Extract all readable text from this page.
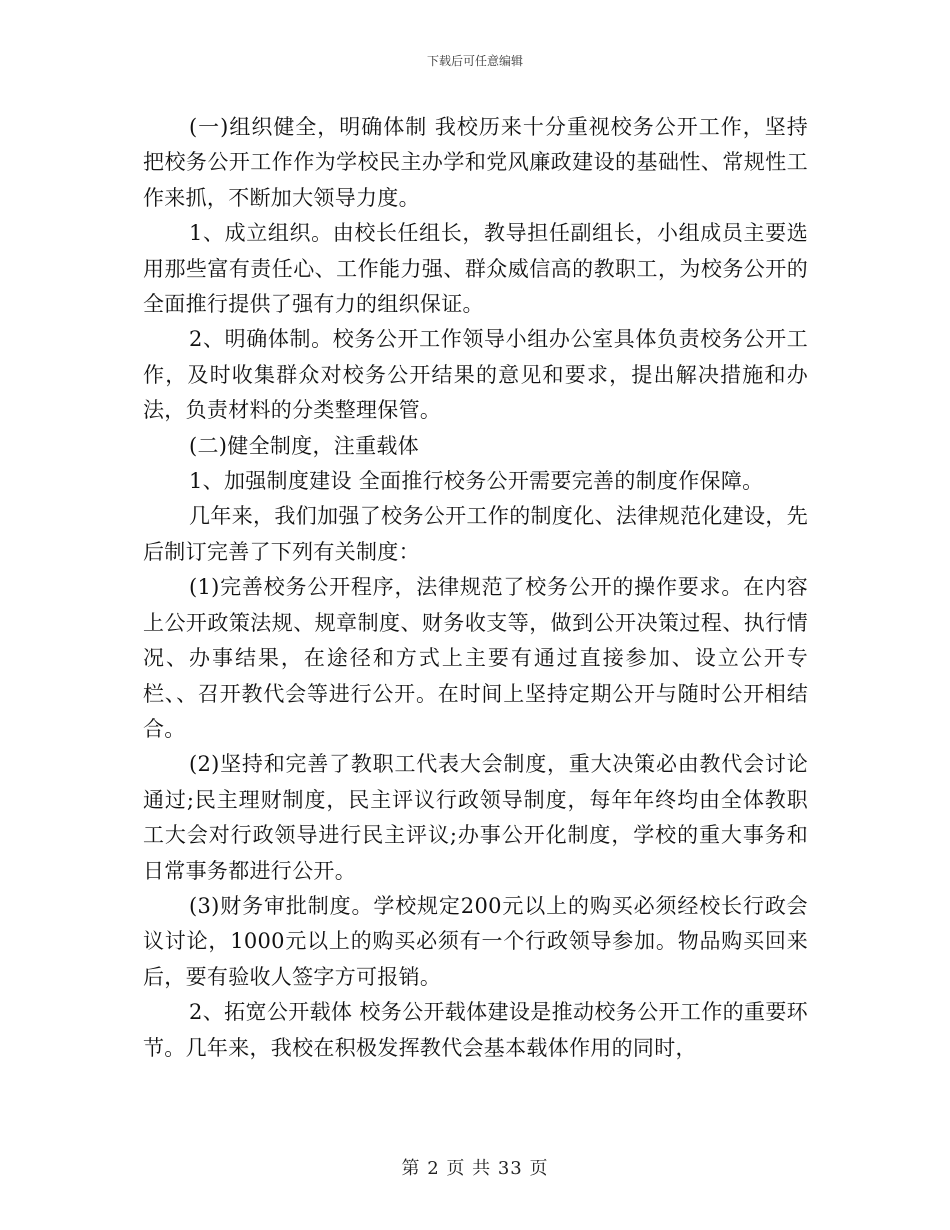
下载后可任意编辑

(一)组织健全，明确体制 我校历来十分重视校务公开工作，坚持把校务公开工作作为学校民主办学和党风廉政建设的基础性、常规性工作来抓，不断加大领导力度。

1、成立组织。由校长任组长，教导担任副组长，小组成员主要选用那些富有责任心、工作能力强、群众威信高的教职工，为校务公开的全面推行提供了强有力的组织保证。

2、明确体制。校务公开工作领导小组办公室具体负责校务公开工作，及时收集群众对校务公开结果的意见和要求，提出解决措施和办法，负责材料的分类整理保管。

(二)健全制度，注重载体

1、加强制度建设 全面推行校务公开需要完善的制度作保障。

几年来，我们加强了校务公开工作的制度化、法律规范化建设，先后制订完善了下列有关制度：

(1)完善校务公开程序，法律规范了校务公开的操作要求。在内容上公开政策法规、规章制度、财务收支等，做到公开决策过程、执行情况、办事结果，在途径和方式上主要有通过直接参加、设立公开专栏、、召开教代会等进行公开。在时间上坚持定期公开与随时公开相结合。

(2)坚持和完善了教职工代表大会制度，重大决策必由教代会讨论通过;民主理财制度，民主评议行政领导制度，每年年终均由全体教职工大会对行政领导进行民主评议;办事公开化制度，学校的重大事务和日常事务都进行公开。

(3)财务审批制度。学校规定200元以上的购买必须经校长行政会议讨论，1000元以上的购买必须有一个行政领导参加。物品购买回来后，要有验收人签字方可报销。

2、拓宽公开载体 校务公开载体建设是推动校务公开工作的重要环节。几年来，我校在积极发挥教代会基本载体作用的同时，

第 2 页 共 33 页
